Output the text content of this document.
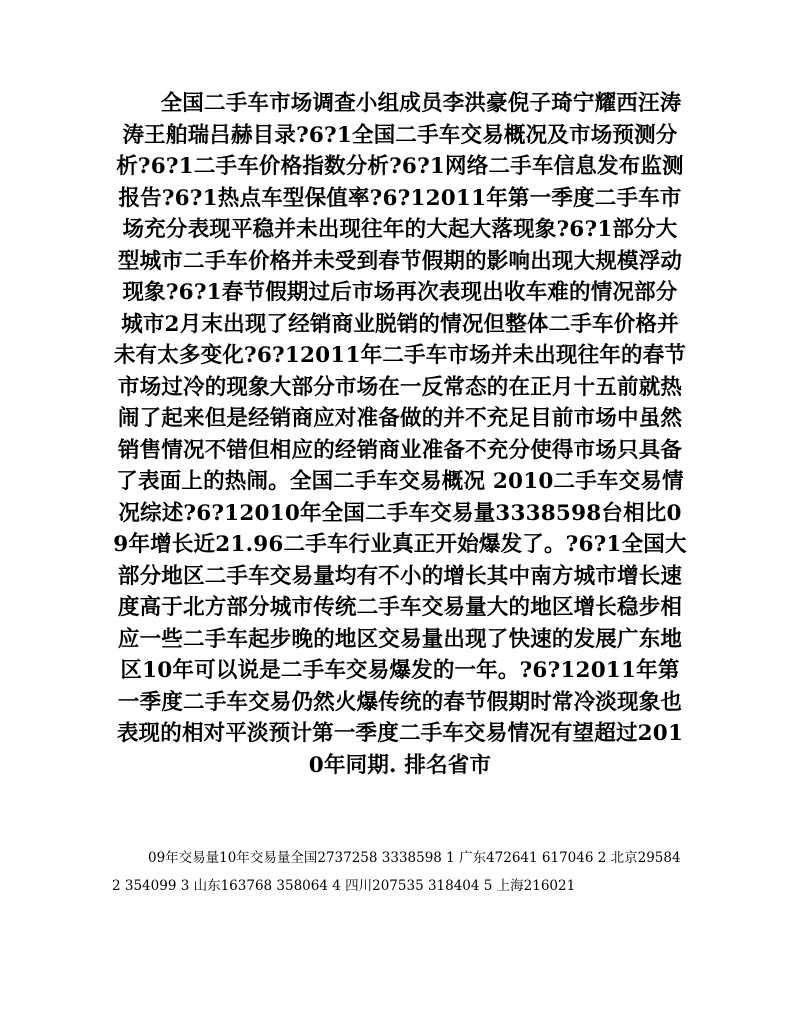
全国二手车市场调查小组成员李洪豪倪子琦宁耀西汪涛涛王舶瑞吕赫目录?6?1全国二手车交易概况及市场预测分析?6?1二手车价格指数分析?6?1网络二手车信息发布监测报告?6?1热点车型保值率?6?12011年第一季度二手车市场充分表现平稳并未出现往年的大起大落现象?6?1部分大型城市二手车价格并未受到春节假期的影响出现大规模浮动现象?6?1春节假期过后市场再次表现出收车难的情况部分城市2月末出现了经销商业脱销的情况但整体二手车价格并未有太多变化?6?12011年二手车市场并未出现往年的春节市场过冷的现象大部分市场在一反常态的在正月十五前就热闹了起来但是经销商应对准备做的并不充足目前市场中虽然销售情况不错但相应的经销商业准备不充分使得市场只具备了表面上的热闹。全国二手车交易概况 2010二手车交易情况综述?6?12010年全国二手车交易量3338598台相比09年增长近21.96二手车行业真正开始爆发了。?6?1全国大部分地区二手车交易量均有不小的增长其中南方城市增长速度高于北方部分城市传统二手车交易量大的地区增长稳步相应一些二手车起步晚的地区交易量出现了快速的发展广东地区10年可以说是二手车交易爆发的一年。?6?12011年第一季度二手车交易仍然火爆传统的春节假期时常冷淡现象也表现的相对平淡预计第一季度二手车交易情况有望超过2010年同期. 排名省市
09年交易量10年交易量全国2737258 3338598 1 广东472641 617046 2 北京295842 354099 3 山东163768 358064 4 四川207535 318404 5 上海216021
